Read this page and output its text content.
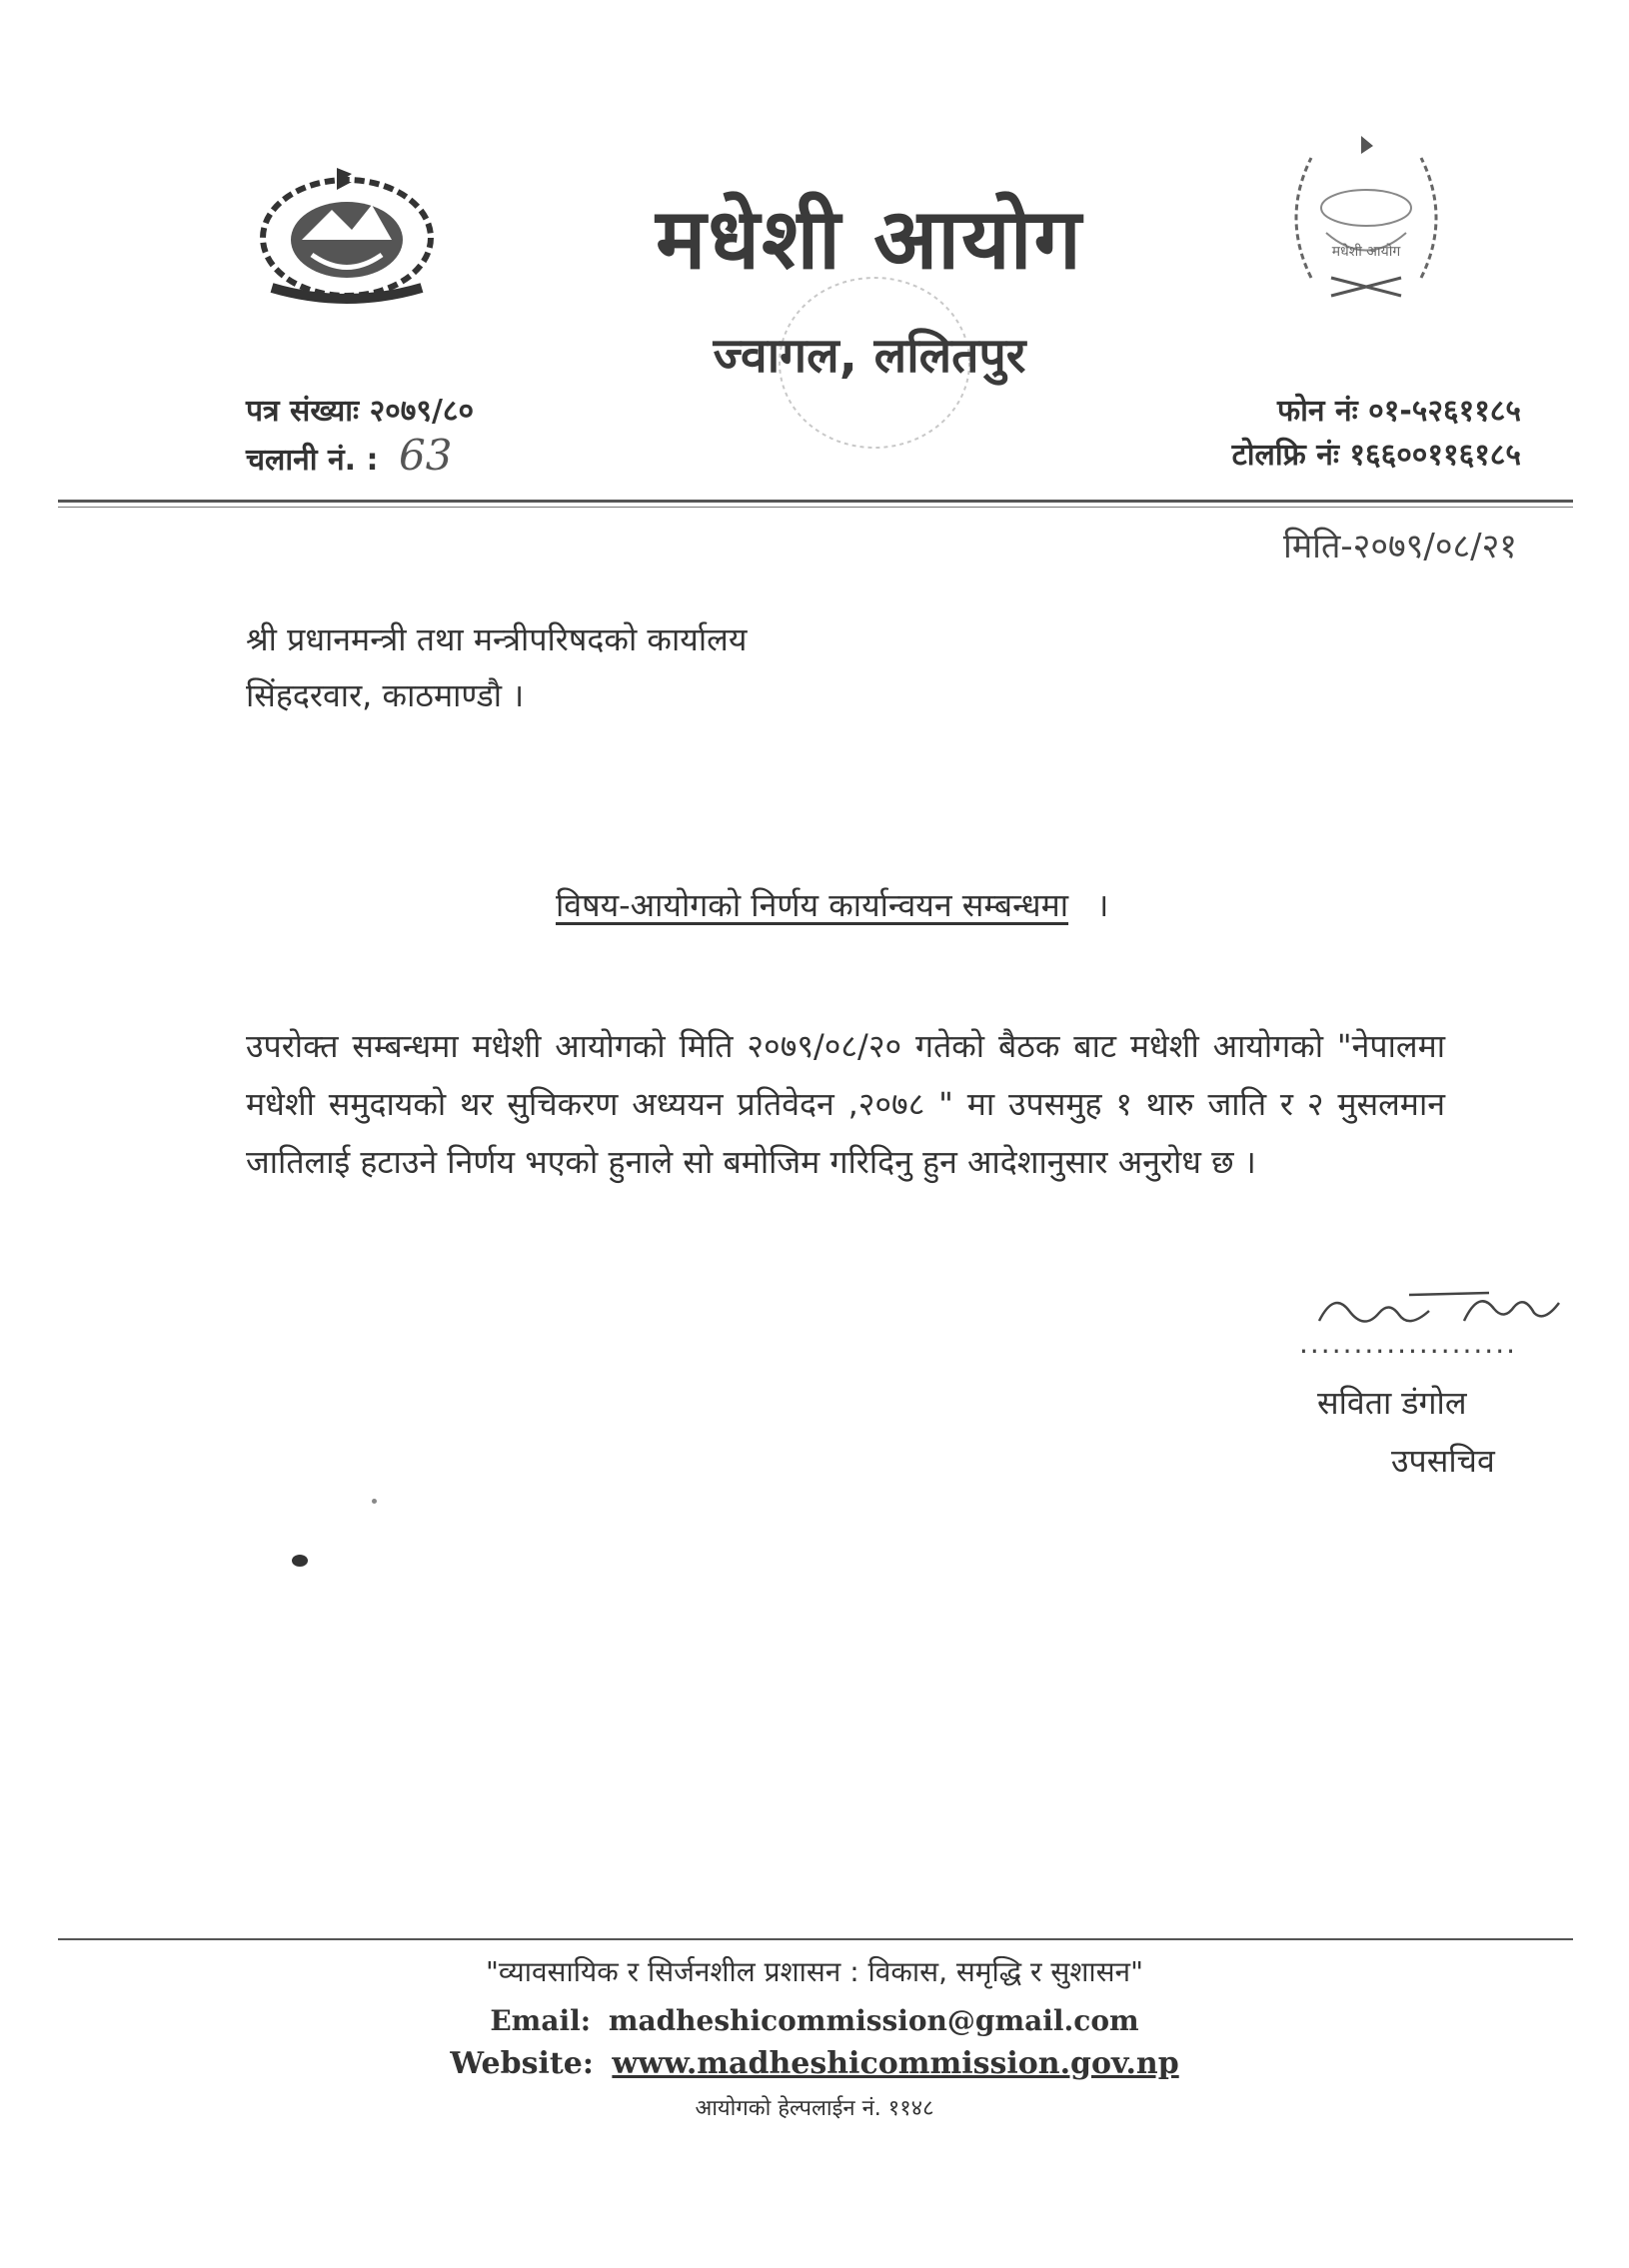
मधेशी आयोग
मधेशी आयोग
ज्वागल, ललितपुर
पत्र संख्याः २०७९/८०
चलानी नं. : 63
फोन नंः ०१-५२६११८५
टोलफ्रि नंः १६६००११६१८५
मिति-२०७९/०८/२१
श्री प्रधानमन्त्री तथा मन्त्रीपरिषदको कार्यालय
सिंहदरवार, काठमाण्डौ ।
विषय-आयोगको निर्णय कार्यान्वयन सम्बन्धमा ।
उपरोक्त सम्बन्धमा मधेशी आयोगको मिति २०७९/०८/२० गतेको बैठक बाट मधेशी आयोगको "नेपालमा मधेशी समुदायको थर सुचिकरण अध्ययन प्रतिवेदन ,२०७८ " मा उपसमुह १ थारु जाति र २ मुसलमान जातिलाई हटाउने निर्णय भएको हुनाले सो बमोजिम गरिदिनु हुन आदेशानुसार अनुरोध छ ।
....................
सविता डंगोल
उपसचिव
"व्यावसायिक र सिर्जनशील प्रशासन : विकास, समृद्धि र सुशासन"
Email: madheshicommission@gmail.com
Website: www.madheshicommission.gov.np
आयोगको हेल्पलाईन नं. ११४८
